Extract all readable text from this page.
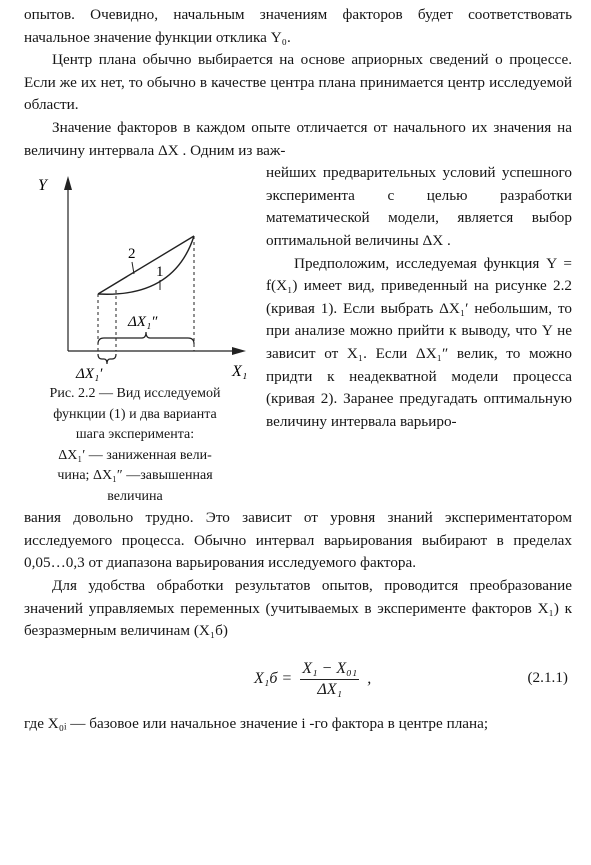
опытов. Очевидно, начальным значениям факторов будет соответствовать начальное значение функции отклика Y₀.

Центр плана обычно выбирается на основе априорных сведений о процессе. Если же их нет, то обычно в качестве центра плана принимается центр исследуемой области.

Значение факторов в каждом опыте отличается от начального их значения на величину интервала ΔX . Одним из важ-

Y
X₁
2
1
ΔX₁″
ΔX₁′
Рис. 2.2 — Вид исследуемой
функции (1) и два варианта
шага эксперимента:
ΔX₁′ — заниженная вели-
чина; ΔX₁″ —завышенная
величина

нейших предварительных условий успешного эксперимента с целью разработки математической модели, является выбор оптимальной величины ΔX .

Предположим, исследуемая функция Y = f(X₁) имеет вид, приведенный на рисунке 2.2 (кривая 1). Если выбрать ΔX₁′ небольшим, то при анализе можно прийти к выводу, что Y не зависит от X₁. Если ΔX₁″ велик, то можно придти к неадекватной модели процесса (кривая 2). Заранее предугадать оптимальную величину интервала варьиро-

вания довольно трудно. Это зависит от уровня знаний экспериментатором исследуемого процесса. Обычно интервал варьирования выбирают в пределах 0,05…0,3 от диапазона варьирования исследуемого фактора.

Для удобства обработки результатов опытов, проводится преобразование значений управляемых переменных (учитываемых в эксперименте факторов X₁) к безразмерным величинам (X₁б)

$X_1б = \frac{\text{X₁ − X₀₁}}{\text{ΔX₁}}$ ,	(2.1.1)

где X₀ᵢ — базовое или начальное значение i -го фактора в центре плана;
